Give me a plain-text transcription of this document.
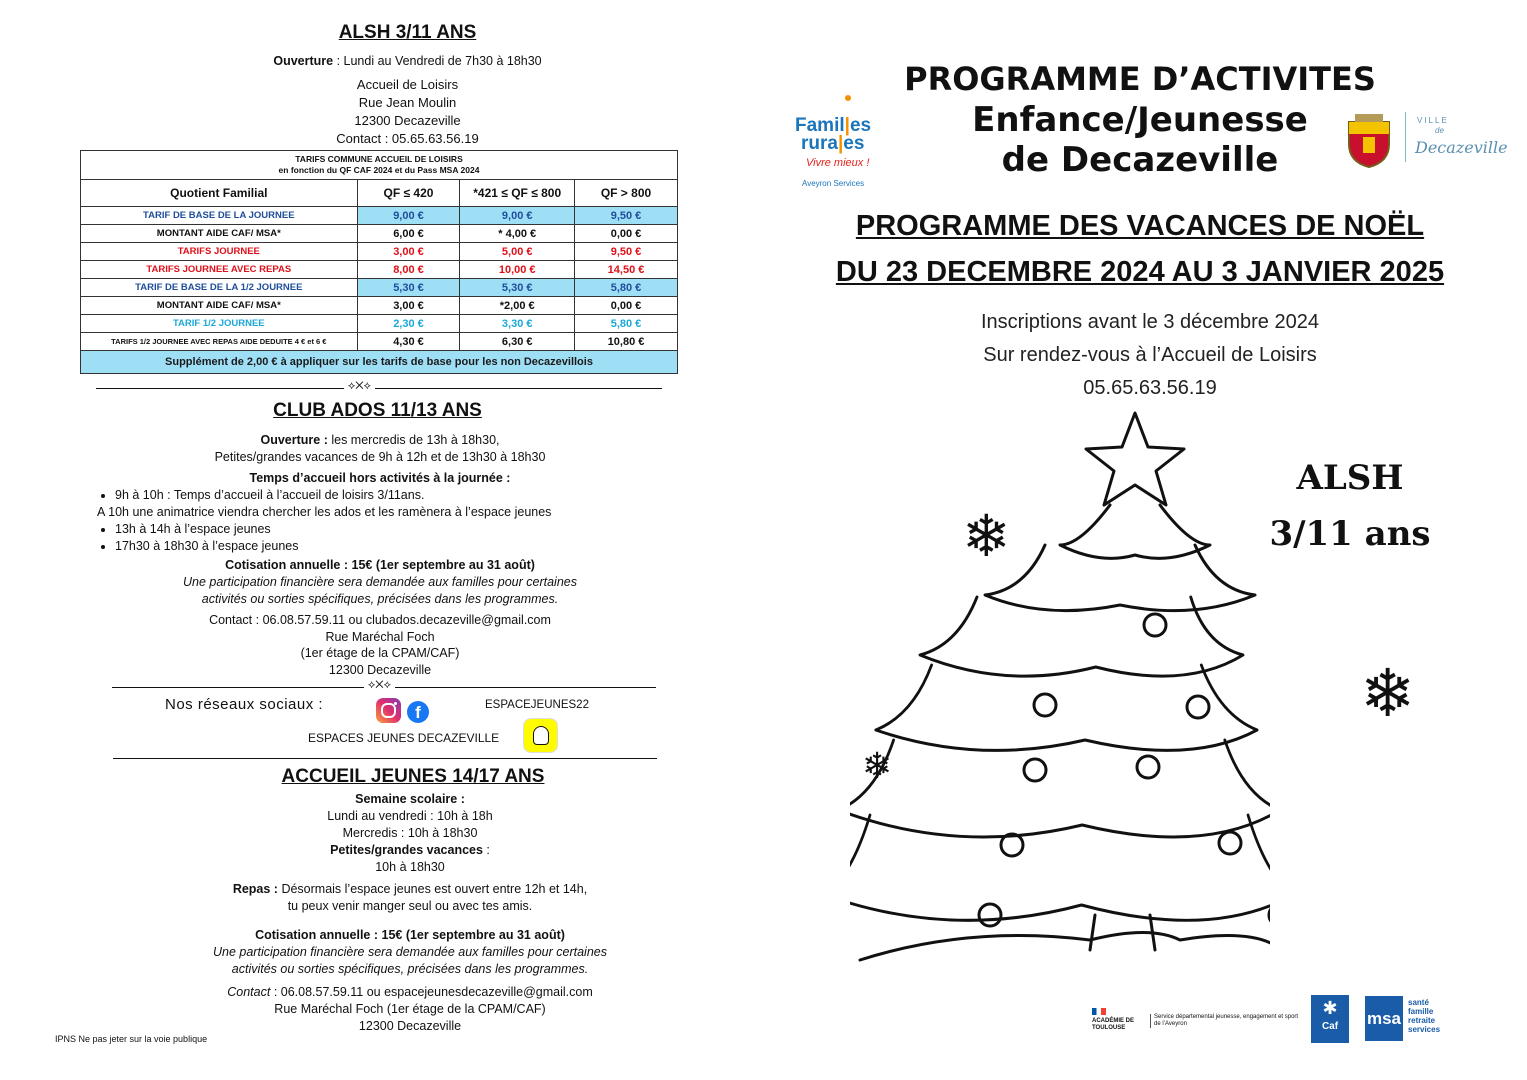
ALSH 3/11 ANS
Ouverture : Lundi au Vendredi de 7h30 à 18h30
Accueil de Loisirs
Rue Jean Moulin
12300 Decazeville
Contact : 05.65.63.56.19
TARIFS COMMUNE ACCUEIL DE LOISIRS
en fonction du QF CAF 2024 et du Pass MSA 2024			

Quotient Familial	QF ≤ 420	*421 ≤ QF ≤ 800	QF > 800
TARIF DE BASE DE LA JOURNEE	9,00 €	9,00 €	9,50 €
MONTANT AIDE CAF/ MSA*	6,00 €	* 4,00 €	0,00 €
TARIFS JOURNEE	3,00 €	5,00 €	9,50 €
TARIFS JOURNEE AVEC REPAS	8,00 €	10,00 €	14,50 €
TARIF DE BASE DE LA 1/2 JOURNEE	5,30 €	5,30 €	5,80 €
MONTANT AIDE CAF/ MSA*	3,00 €	*2,00 €	0,00 €
TARIF 1/2 JOURNEE	2,30 €	3,30 €	5,80 €
TARIFS 1/2 JOURNEE AVEC REPAS AIDE DEDUITE 4 € et 6 €	4,30 €	6,30 €	10,80 €
Supplément de 2,00 € à appliquer sur les tarifs de base pour les non Decazevillois			
⟡✕⟡
CLUB ADOS 11/13 ANS
Ouverture : les mercredis de 13h à 18h30,
Petites/grandes vacances de 9h à 12h et de 13h30 à 18h30
Temps d’accueil hors activités à la journée :
• 9h à 10h : Temps d’accueil à l’accueil de loisirs 3/11ans.
A 10h une animatrice viendra chercher les ados et les ramènera à l’espace jeunes
• 13h à 14h à l’espace jeunes
• 17h30 à 18h30 à l’espace jeunes
Cotisation annuelle : 15€ (1er septembre au 31 août)
Une participation financière sera demandée aux familles pour certaines
activités ou sorties spécifiques, précisées dans les programmes.
Contact : 06.08.57.59.11 ou clubados.decazeville@gmail.com
Rue Maréchal Foch
(1er étage de la CPAM/CAF)
12300 Decazeville
⟡✕⟡
Nos réseaux sociaux :	f	ESPACEJEUNES22
ESPACES JEUNES DECAZEVILLE
ACCUEIL JEUNES 14/17 ANS
Semaine scolaire :
Lundi au vendredi : 10h à 18h
Mercredis : 10h à 18h30
Petites/grandes vacances :
10h à 18h30
Repas : Désormais l’espace jeunes est ouvert entre 12h et 14h,
tu peux venir manger seul ou avec tes amis.
Cotisation annuelle : 15€ (1er septembre au 31 août)
Une participation financière sera demandée aux familles pour certaines
activités ou sorties spécifiques, précisées dans les programmes.
Contact : 06.08.57.59.11 ou espacejeunesdecazeville@gmail.com
Rue Maréchal Foch (1er étage de la CPAM/CAF)
12300 Decazeville
IPNS Ne pas jeter sur la voie publique
PROGRAMME D’ACTIVITES
Enfance/Jeunesse
de Decazeville
Famil|es
rura|es
Vivre mieux !
Aveyron Services
VILLE
de
Decazeville
PROGRAMME DES VACANCES DE NOËL
DU 23 DECEMBRE 2024 AU 3 JANVIER 2025
Inscriptions avant le 3 décembre 2024
Sur rendez-vous à l’Accueil de Loisirs
05.65.63.56.19
ALSH
3/11 ans
❄
❄
❄
ACADÉMIE DE TOULOUSE
Service départemental jeunesse, engagement et sport de l’Aveyron
✱
Caf	msa
santé
famille
retraite
services
